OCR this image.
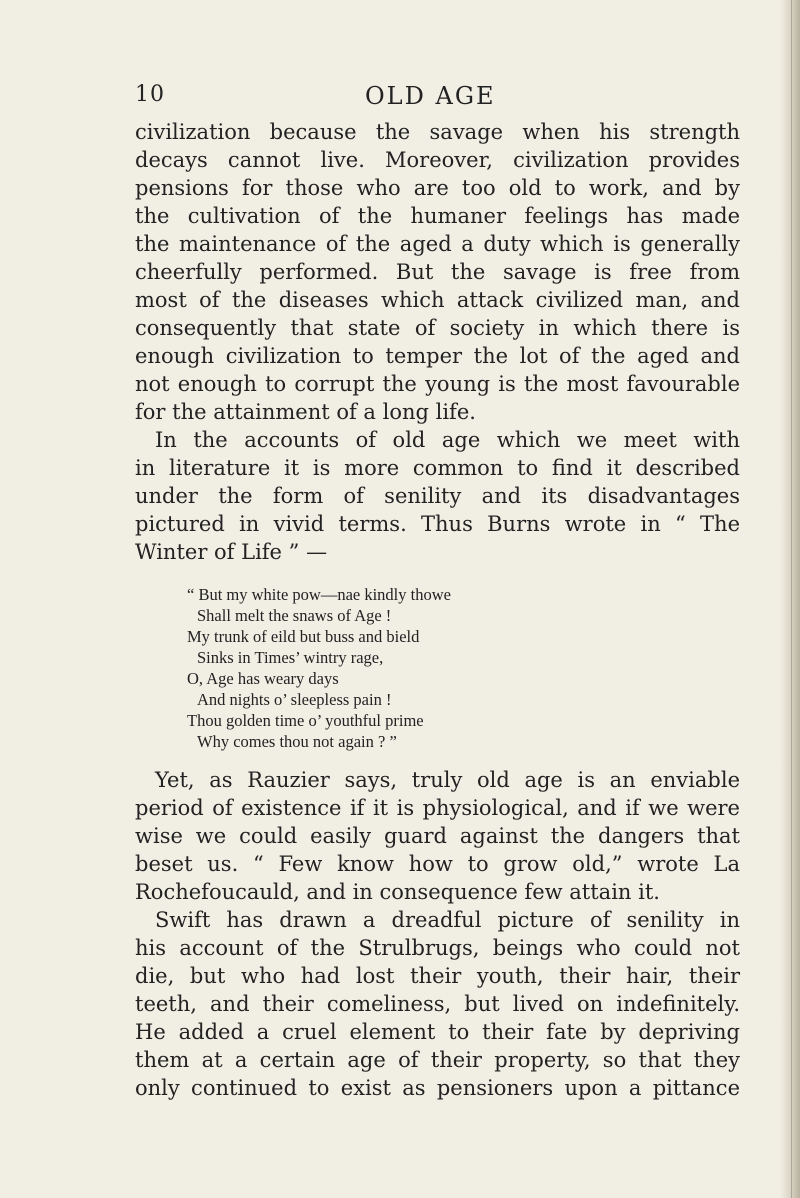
10	OLD AGE
civilization because the savage when his strength
decays cannot live. Moreover, civilization provides
pensions for those who are too old to work, and by
the cultivation of the humaner feelings has made
the maintenance of the aged a duty which is generally
cheerfully performed. But the savage is free from
most of the diseases which attack civilized man, and
consequently that state of society in which there is
enough civilization to temper the lot of the aged and
not enough to corrupt the young is the most favourable
for the attainment of a long life.
In the accounts of old age which we meet with
in literature it is more common to find it described
under the form of senility and its disadvantages
pictured in vivid terms. Thus Burns wrote in “ The
Winter of Life ” —
“ But my white pow—nae kindly thowe
Shall melt the snaws of Age !
My trunk of eild but buss and bield
Sinks in Times’ wintry rage,
O, Age has weary days
And nights o’ sleepless pain !
Thou golden time o’ youthful prime
Why comes thou not again ? ”
Yet, as Rauzier says, truly old age is an enviable
period of existence if it is physiological, and if we were
wise we could easily guard against the dangers that
beset us. “ Few know how to grow old,” wrote La
Rochefoucauld, and in consequence few attain it.
Swift has drawn a dreadful picture of senility in
his account of the Strulbrugs, beings who could not
die, but who had lost their youth, their hair, their
teeth, and their comeliness, but lived on indefinitely.
He added a cruel element to their fate by depriving
them at a certain age of their property, so that they
only continued to exist as pensioners upon a pittance
